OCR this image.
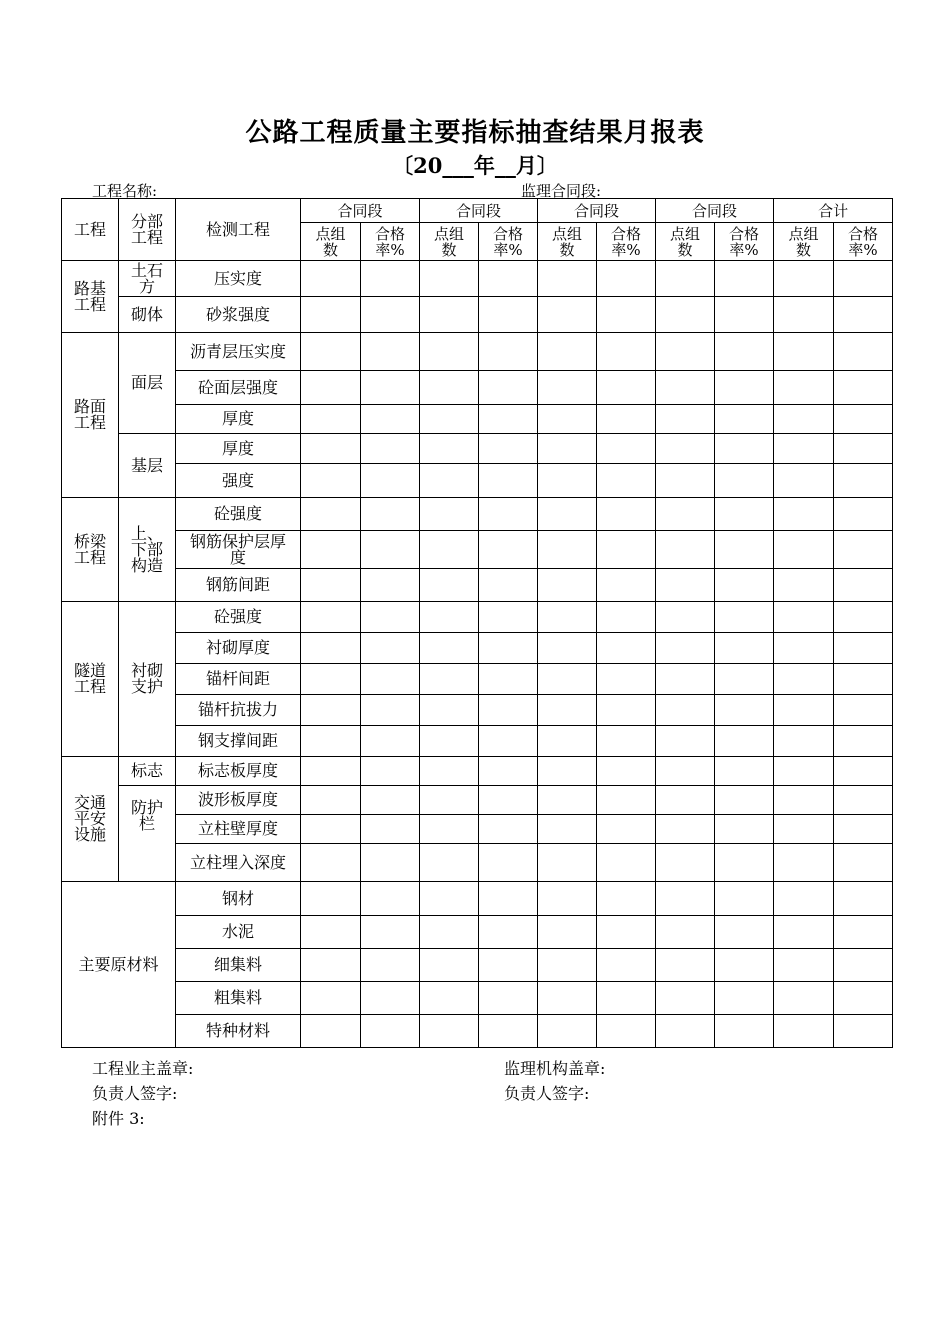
公路工程质量主要指标抽查结果月报表
〔20___年__月〕
工程名称:	监理合同段:
工程	分部工程	检测工程	合同段		合同段		合同段		合同段		合计	

			点组数	合格率%	点组数	合格率%	点组数	合格率%	点组数	合格率%	点组数	合格率%

路基工程	土石方	压实度										
	砌体	砂浆强度										

路面工程	面层	沥青层压实度										

		砼面层强度										
		厚度										
	基层	厚度										
		强度										

桥梁工程	上、下部构造	砼强度										

		钢筋保护层厚度										

		钢筋间距										

隧道工程	衬砌支护	砼强度										
		衬砌厚度										
		锚杆间距										
		锚杆抗拔力										
		钢支撑间距										

交通平安设施	标志	标志板厚度										

	防护栏	波形板厚度										
		立柱壁厚度										

		立柱埋入深度										

主要原材料		钢材										
		水泥										
		细集料										
		粗集料										
		特种材料										
工程业主盖章:	监理机构盖章:
负责人签字:	负责人签字:
附件 3:
